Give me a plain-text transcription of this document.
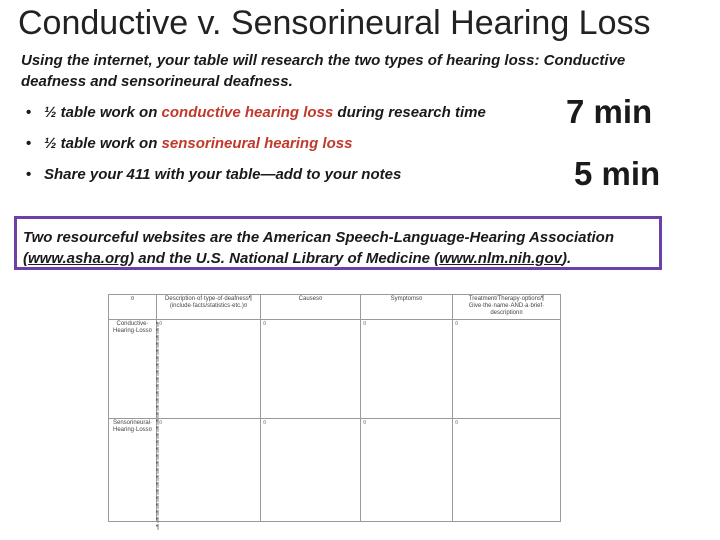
Conductive v. Sensorineural Hearing Loss
Using the internet, your table will research the two types of hearing loss: Conductive deafness and sensorineural deafness.
• ½ table work on conductive hearing loss during research time
• ½ table work on sensorineural hearing loss
• Share your 411 with your table—add to your notes
7 min
5 min
Two resourceful websites are the American Speech-Language-Hearing Association (www.asha.org) and the U.S. National Library of Medicine (www.nlm.nih.gov).
¤	Description·of·type·of·deafness¶ (include·facts/statistics·etc.)¤	Causes¤	Symptoms¤	Treatment/Therapy·options¶ Give·the·name·AND·a·brief· description¤
Conductive· Hearing·Loss¤	¤	¤	¤	¤
Sensorineural· Hearing·Loss¤	¤	¤	¤	¤
¶
¶
¶
¶
¶
¶
¶
¶
¶
¶
¶
¶
¶
¶
¶
¶
¶
¶
¶
¶
¶
¶
¶
¶
¶
¶
¶
¶
¶
¶
